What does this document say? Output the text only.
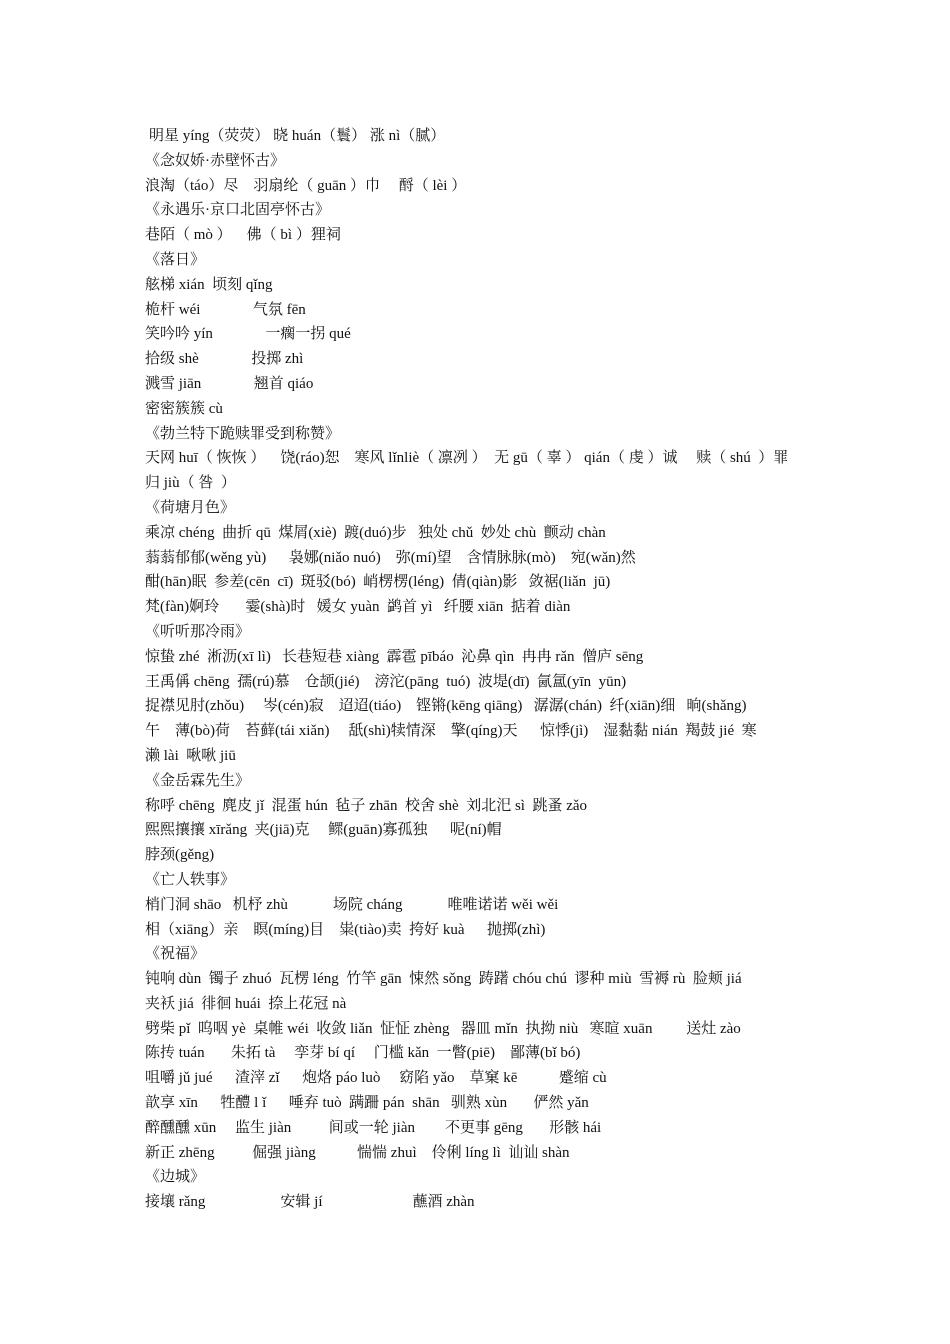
明星 yíng（荧荧） 晓 huán（鬟） 涨 nì（腻）
《念奴娇·赤壁怀古》
浪淘（táo）尽    羽扇纶（ guān ）巾     酹（ lèi ）
《永遇乐·京口北固亭怀古》
巷陌（ mò ）    佛（ bì ）狸祠
《落日》
舷梯 xián  顷刻 qǐng
桅杆 wéi              气氛 fēn
笑吟吟 yín              一瘸一拐 qué
拾级 shè              投掷 zhì
溅雪 jiān              翘首 qiáo
密密簇簇 cù
《勃兰特下跪赎罪受到称赞》
天网 huī（ 恢恢 ）    饶(ráo)恕    寒风 lǐnliè（ 凛冽 ）  无 gū（ 辜 ） qián（ 虔 ）诚     赎（ shú  ）罪
归 jiù（ 咎  ）
《荷塘月色》
乘凉 chéng  曲折 qū  煤屑(xiè)  踱(duó)步   独处 chǔ  妙处 chù  颤动 chàn
蓊蓊郁郁(wěng yù)      袅娜(niǎo nuó)    弥(mí)望    含情脉脉(mò)    宛(wǎn)然
酣(hān)眠  参差(cēn  cī)  斑驳(bó)  峭楞楞(léng)  倩(qiàn)影   敛裾(liǎn  jū)
梵(fàn)婀玲       霎(shà)时   媛女 yuàn  鹢首 yì   纤腰 xiān  掂着 diàn
《听听那冷雨》
惊蛰 zhé  淅沥(xī lì)   长巷短巷 xiàng  霹雹 pībáo  沁鼻 qìn  冉冉 rǎn  僧庐 sēng
王禹偁 chēng  孺(rú)慕    仓颉(jié)    滂沱(pāng  tuó)  波堤(dī)  氤氲(yīn  yūn)
捉襟见肘(zhǒu)     岑(cén)寂    迢迢(tiáo)    铿锵(kēng qiāng)   潺潺(chán)  纤(xiān)细   晌(shǎng)
午    薄(bò)荷    苔藓(tái xiǎn)     舐(shì)犊情深    擎(qíng)天      惊悸(jì)    湿黏黏 nián  羯鼓 jié  寒
濑 lài  啾啾 jiū
《金岳霖先生》
称呼 chēng  麂皮 jǐ  混蛋 hún  毡子 zhān  校舍 shè  刘北汜 sì  跳蚤 zǎo
熙熙攘攘 xīrǎng  夹(jiā)克     鳏(guān)寡孤独      呢(ní)帽
脖颈(gěng)
《亡人轶事》
梢门洞 shāo   机杼 zhù            场院 cháng            唯唯诺诺 wěi wěi
相（xiāng）亲    瞑(míng)目    粜(tiào)卖  挎好 kuà      抛掷(zhì)
《祝福》
钝响 dùn  镯子 zhuó  瓦楞 léng  竹竿 gān  悚然 sǒng  踌躇 chóu chú  谬种 miù  雪褥 rù  脸颊 jiá
夹袄 jiá  徘徊 huái  捺上花冠 nà
劈柴 pǐ  呜咽 yè  桌帷 wéi  收敛 liǎn  怔怔 zhèng   器皿 mǐn  执拗 niù   寒暄 xuān         送灶 zào
陈抟 tuán       朱拓 tà     孪芽 bí qí     门槛 kǎn  一瞥(piē)    鄙薄(bǐ bó)
咀嚼 jǔ jué      渣滓 zǐ      炮烙 páo luò     窈陷 yǎo    草窠 kē           蹙缩 cù
歆享 xīn      牲醴 l ǐ      唾弃 tuò  蹒跚 pán  shān   驯熟 xùn       俨然 yǎn
醉醺醺 xūn     监生 jiàn          间或一轮 jiàn        不更事 gēng       形骸 hái
新正 zhēng          倔强 jiàng           惴惴 zhuì    伶俐 líng lì  讪讪 shàn
《边城》
接壤 rǎng                    安辑 jí                        蘸酒 zhàn
